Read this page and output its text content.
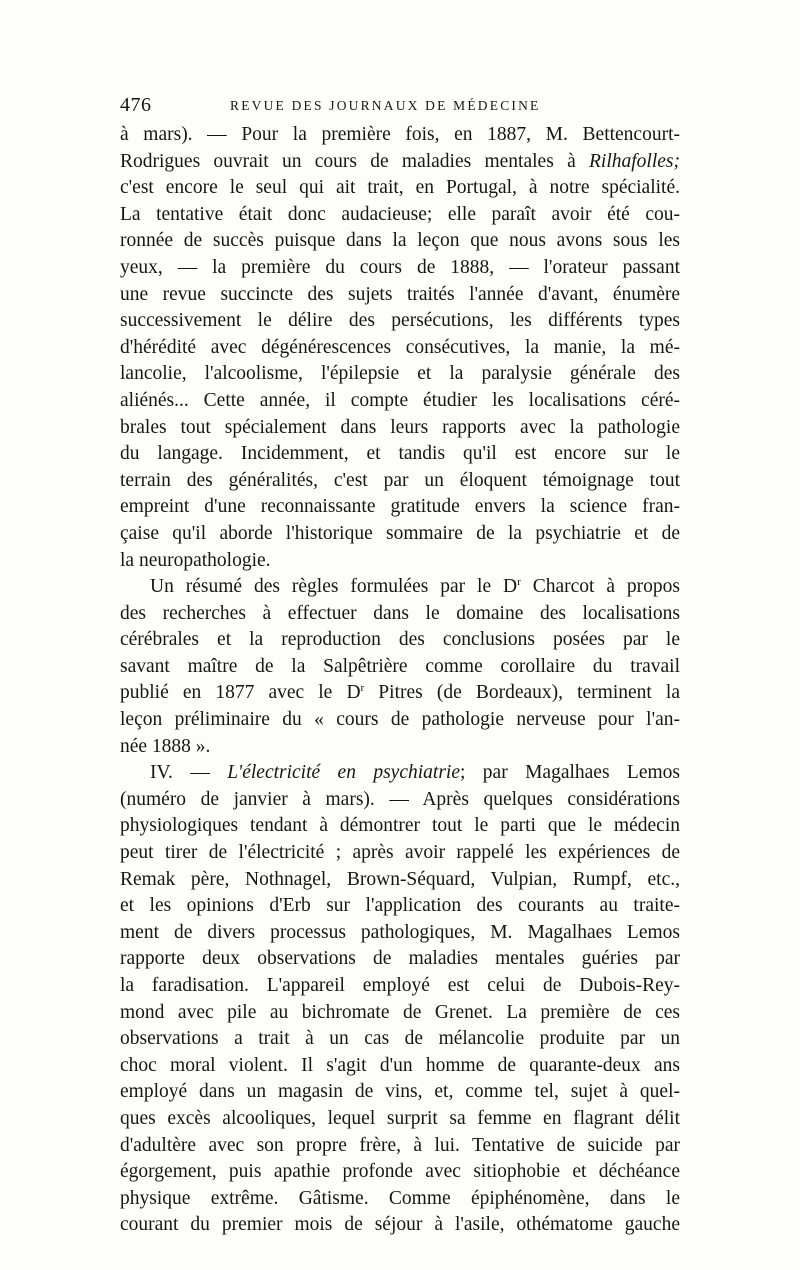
476	REVUE DES JOURNAUX DE MÉDECINE
à mars). — Pour la première fois, en 1887, M. Bettencourt-
Rodrigues ouvrait un cours de maladies mentales à Rilhafolles;
c'est encore le seul qui ait trait, en Portugal, à notre spécialité.
La tentative était donc audacieuse; elle paraît avoir été cou-
ronnée de succès puisque dans la leçon que nous avons sous les
yeux, — la première du cours de 1888, — l'orateur passant
une revue succincte des sujets traités l'année d'avant, énumère
successivement le délire des persécutions, les différents types
d'hérédité avec dégénérescences consécutives, la manie, la mé-
lancolie, l'alcoolisme, l'épilepsie et la paralysie générale des
aliénés... Cette année, il compte étudier les localisations céré-
brales tout spécialement dans leurs rapports avec la pathologie
du langage. Incidemment, et tandis qu'il est encore sur le
terrain des généralités, c'est par un éloquent témoignage tout
empreint d'une reconnaissante gratitude envers la science fran-
çaise qu'il aborde l'historique sommaire de la psychiatrie et de
la neuropathologie.
Un résumé des règles formulées par le $D^r$ Charcot à propos
des recherches à effectuer dans le domaine des localisations
cérébrales et la reproduction des conclusions posées par le
savant maître de la Salpêtrière comme corollaire du travail
publié en 1877 avec le $D^r$ Pitres (de Bordeaux), terminent la
leçon préliminaire du « cours de pathologie nerveuse pour l'an-
née 1888 ».
IV. — L'électricité en psychiatrie; par Magalhaes Lemos
(numéro de janvier à mars). — Après quelques considérations
physiologiques tendant à démontrer tout le parti que le médecin
peut tirer de l'électricité ; après avoir rappelé les expériences de
Remak père, Nothnagel, Brown-Séquard, Vulpian, Rumpf, etc.,
et les opinions d'Erb sur l'application des courants au traite-
ment de divers processus pathologiques, M. Magalhaes Lemos
rapporte deux observations de maladies mentales guéries par
la faradisation. L'appareil employé est celui de Dubois-Rey-
mond avec pile au bichromate de Grenet. La première de ces
observations a trait à un cas de mélancolie produite par un
choc moral violent. Il s'agit d'un homme de quarante-deux ans
employé dans un magasin de vins, et, comme tel, sujet à quel-
ques excès alcooliques, lequel surprit sa femme en flagrant délit
d'adultère avec son propre frère, à lui. Tentative de suicide par
égorgement, puis apathie profonde avec sitiophobie et déchéance
physique extrême. Gâtisme. Comme épiphénomène, dans le
courant du premier mois de séjour à l'asile, othématome gauche
